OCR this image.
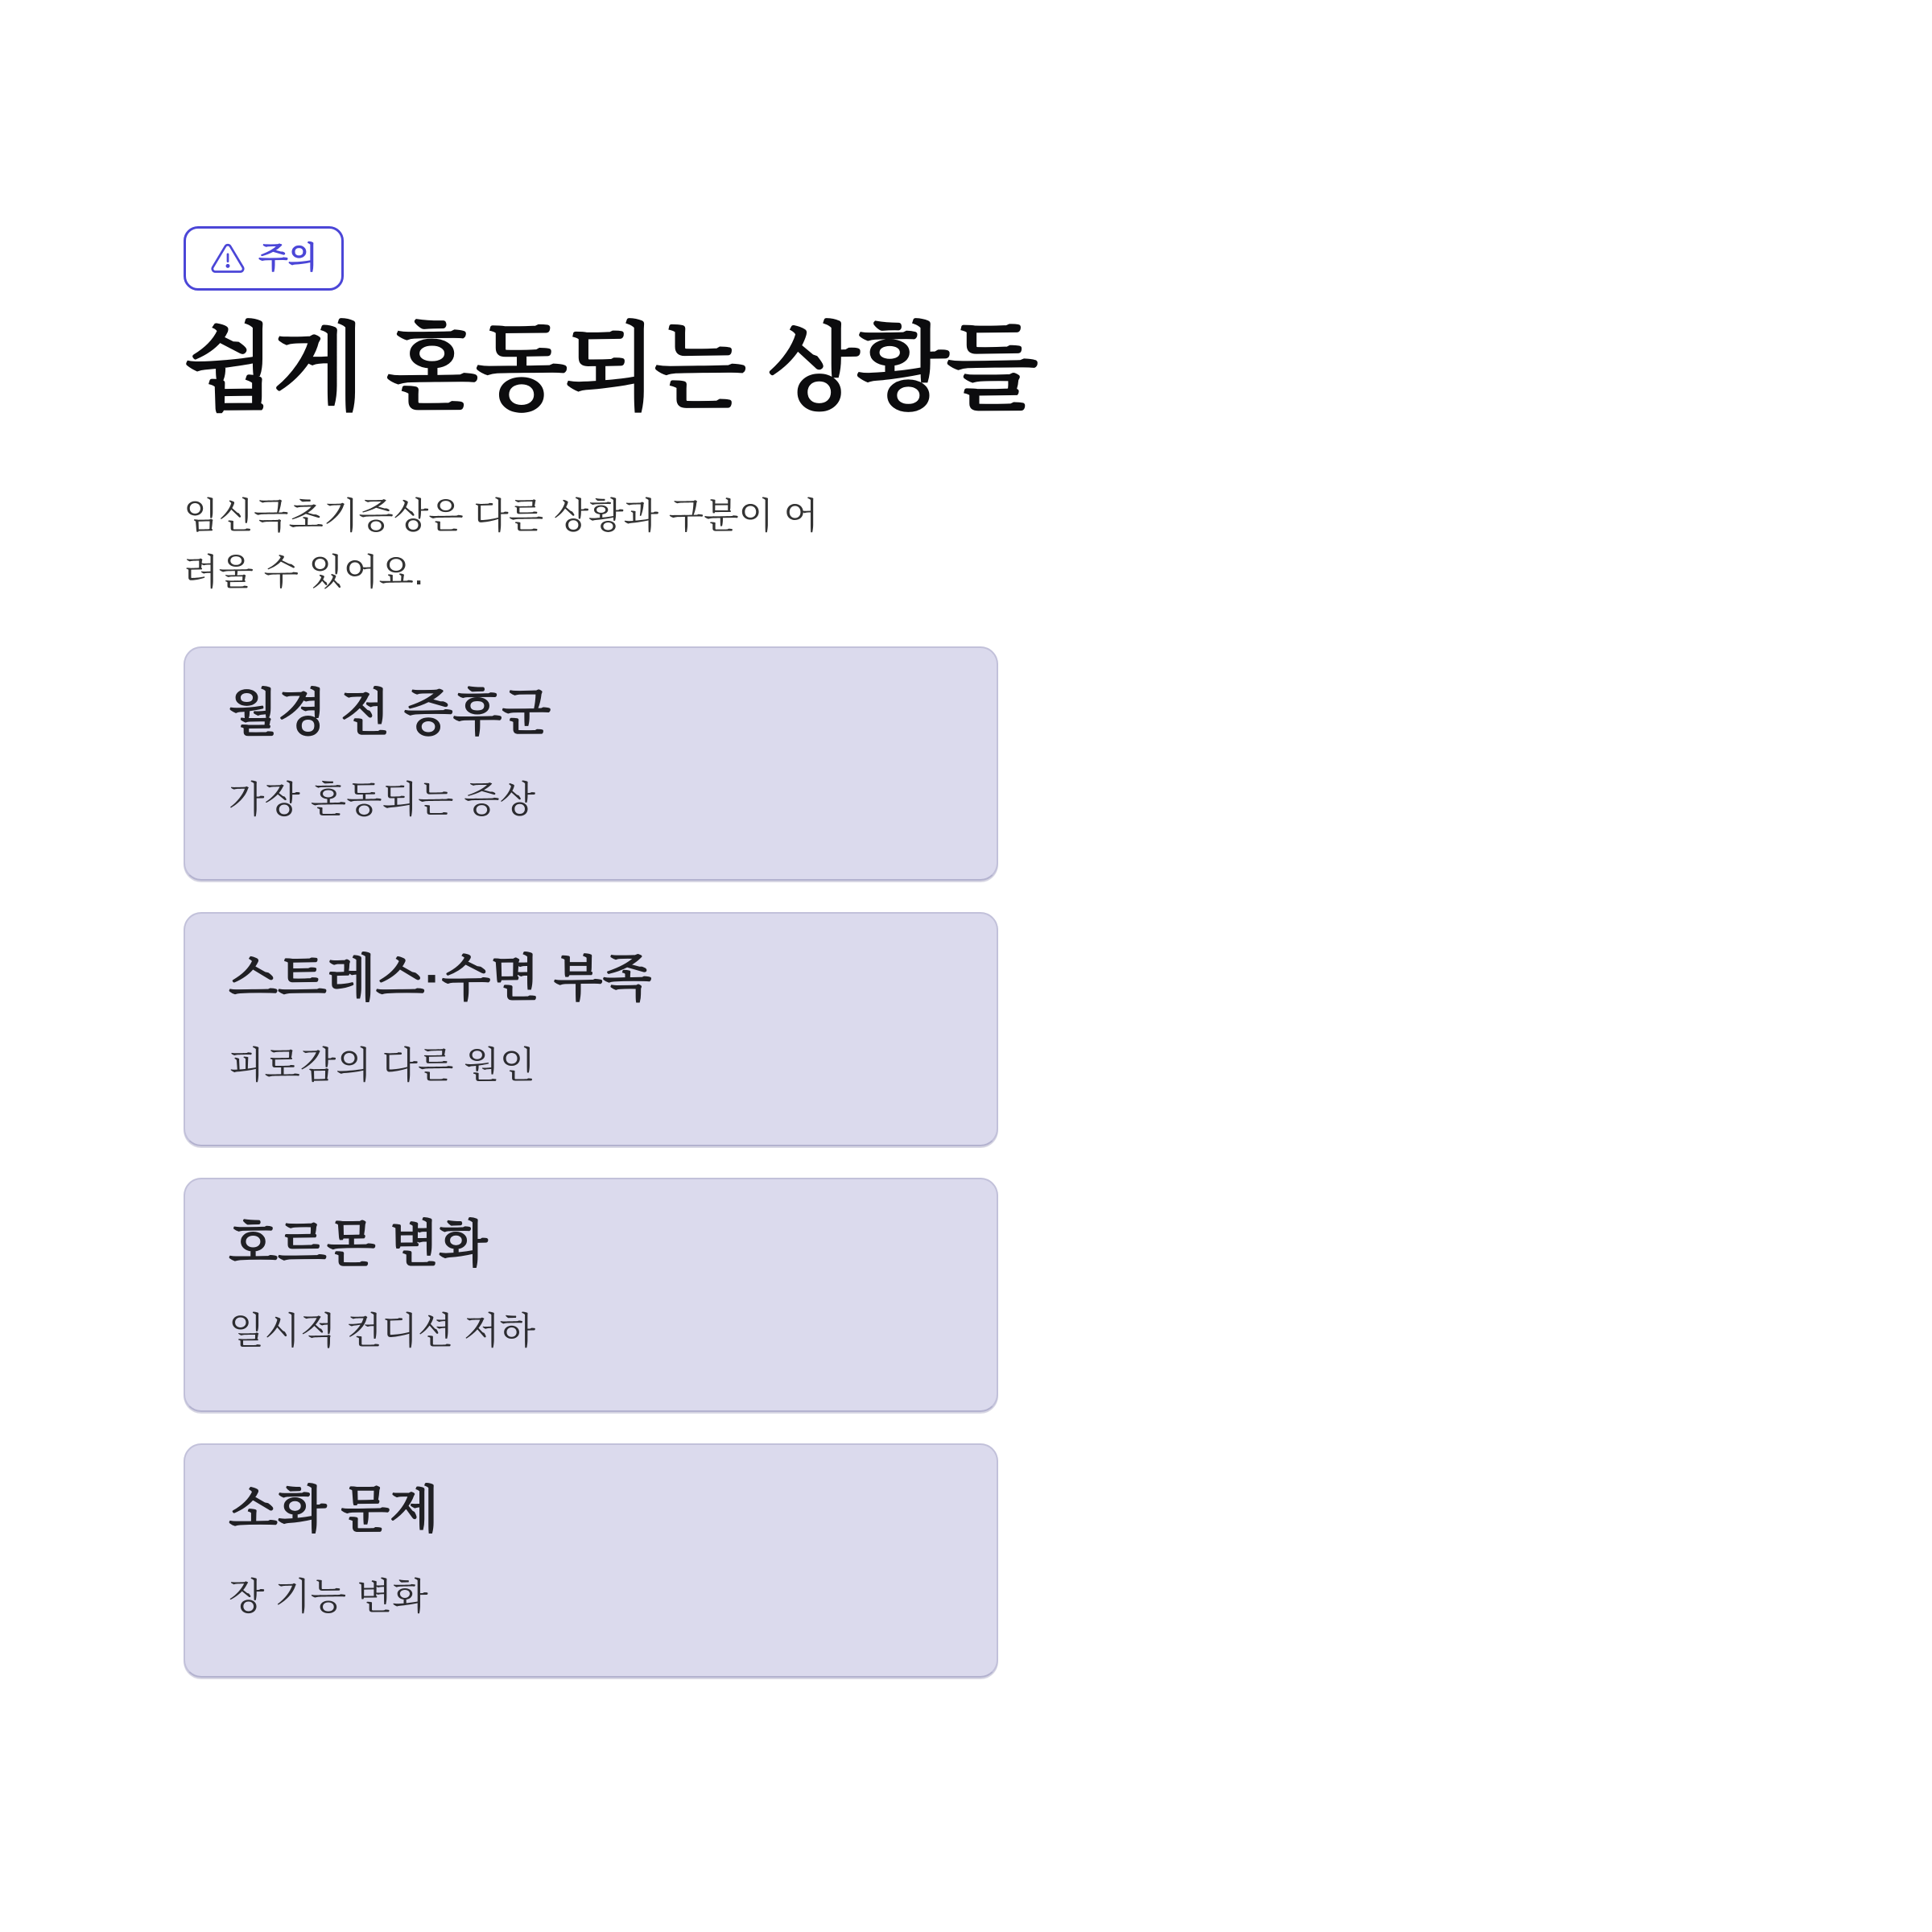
주의
쉽게 혼동되는 상황들

임신극초기증상은 다른 상황과 구분이 어려울 수 있어요.

월경 전 증후군
가장 혼동되는 증상
스트레스·수면 부족
피로감의 다른 원인
호르몬 변화
일시적 컨디션 저하
소화 문제
장 기능 변화
